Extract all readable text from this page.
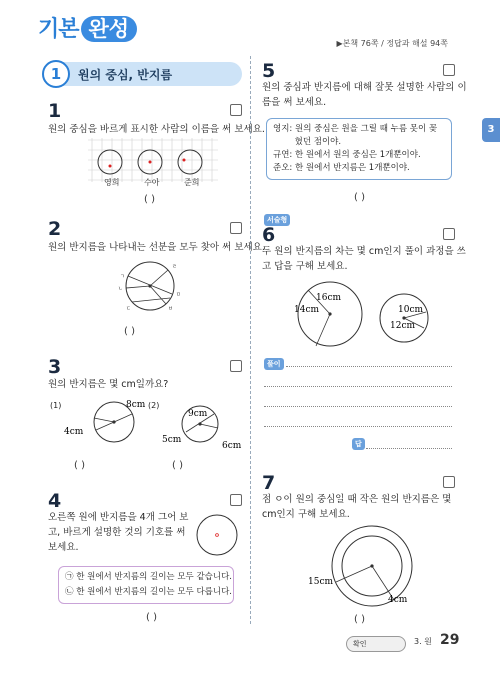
기본 완성
▶본책 76쪽 / 정답과 해설 94쪽
3
1	원의 중심, 반지름
1
원의 중심을 바르게 표시한 사람의 이름을 써 보세요.
영희	수아	준희
( )
2
원의 반지름을 나타내는 선분을 모두 찾아 써 보세요.
ㄱ
ㄴ
ㄷ
ㄹ
ㅁ
ㅂ
( )
3
원의 반지름은 몇 cm일까요?
(1)	(2)
8cm
4cm
9cm
5cm
6cm
( )	( )
4
오른쪽 원에 반지름을 4개 그어 보
고, 바르게 설명한 것의 기호를 써
보세요.
㉠ 한 원에서 반지름의 길이는 모두 같습니다.
㉡ 한 원에서 반지름의 길이는 모두 다릅니다.
( )
5
원의 중심과 반지름에 대해 잘못 설명한 사람의 이
름을 써 보세요.
영지: 원의 중심은 원을 그릴 때 누름 못이 꽂
혔던 점이야.
규연: 한 원에서 원의 중심은 1개뿐이야.
준오: 한 원에서 반지름은 1개뿐이야.
( )
서술형
6
두 원의 반지름의 차는 몇 cm인지 풀이 과정을 쓰
고 답을 구해 보세요.
16cm
14cm	10cm
12cm
풀이
답
7
점 ㅇ이 원의 중심일 때 작은 원의 반지름은 몇
cm인지 구해 보세요.
15cm
4cm
( )
확인	3. 원 29
